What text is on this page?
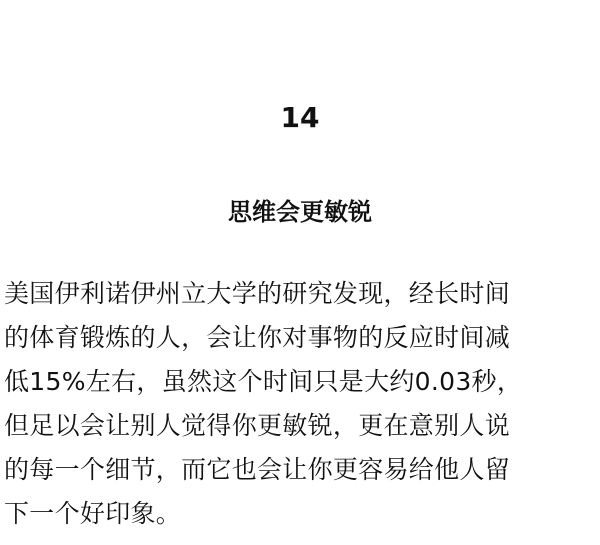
14
思维会更敏锐
美国伊利诺伊州立大学的研究发现，经长时间
的体育锻炼的人，会让你对事物的反应时间减
低15%左右，虽然这个时间只是大约0.03秒，
但足以会让别人觉得你更敏锐，更在意别人说
的每一个细节，而它也会让你更容易给他人留
下一个好印象。
